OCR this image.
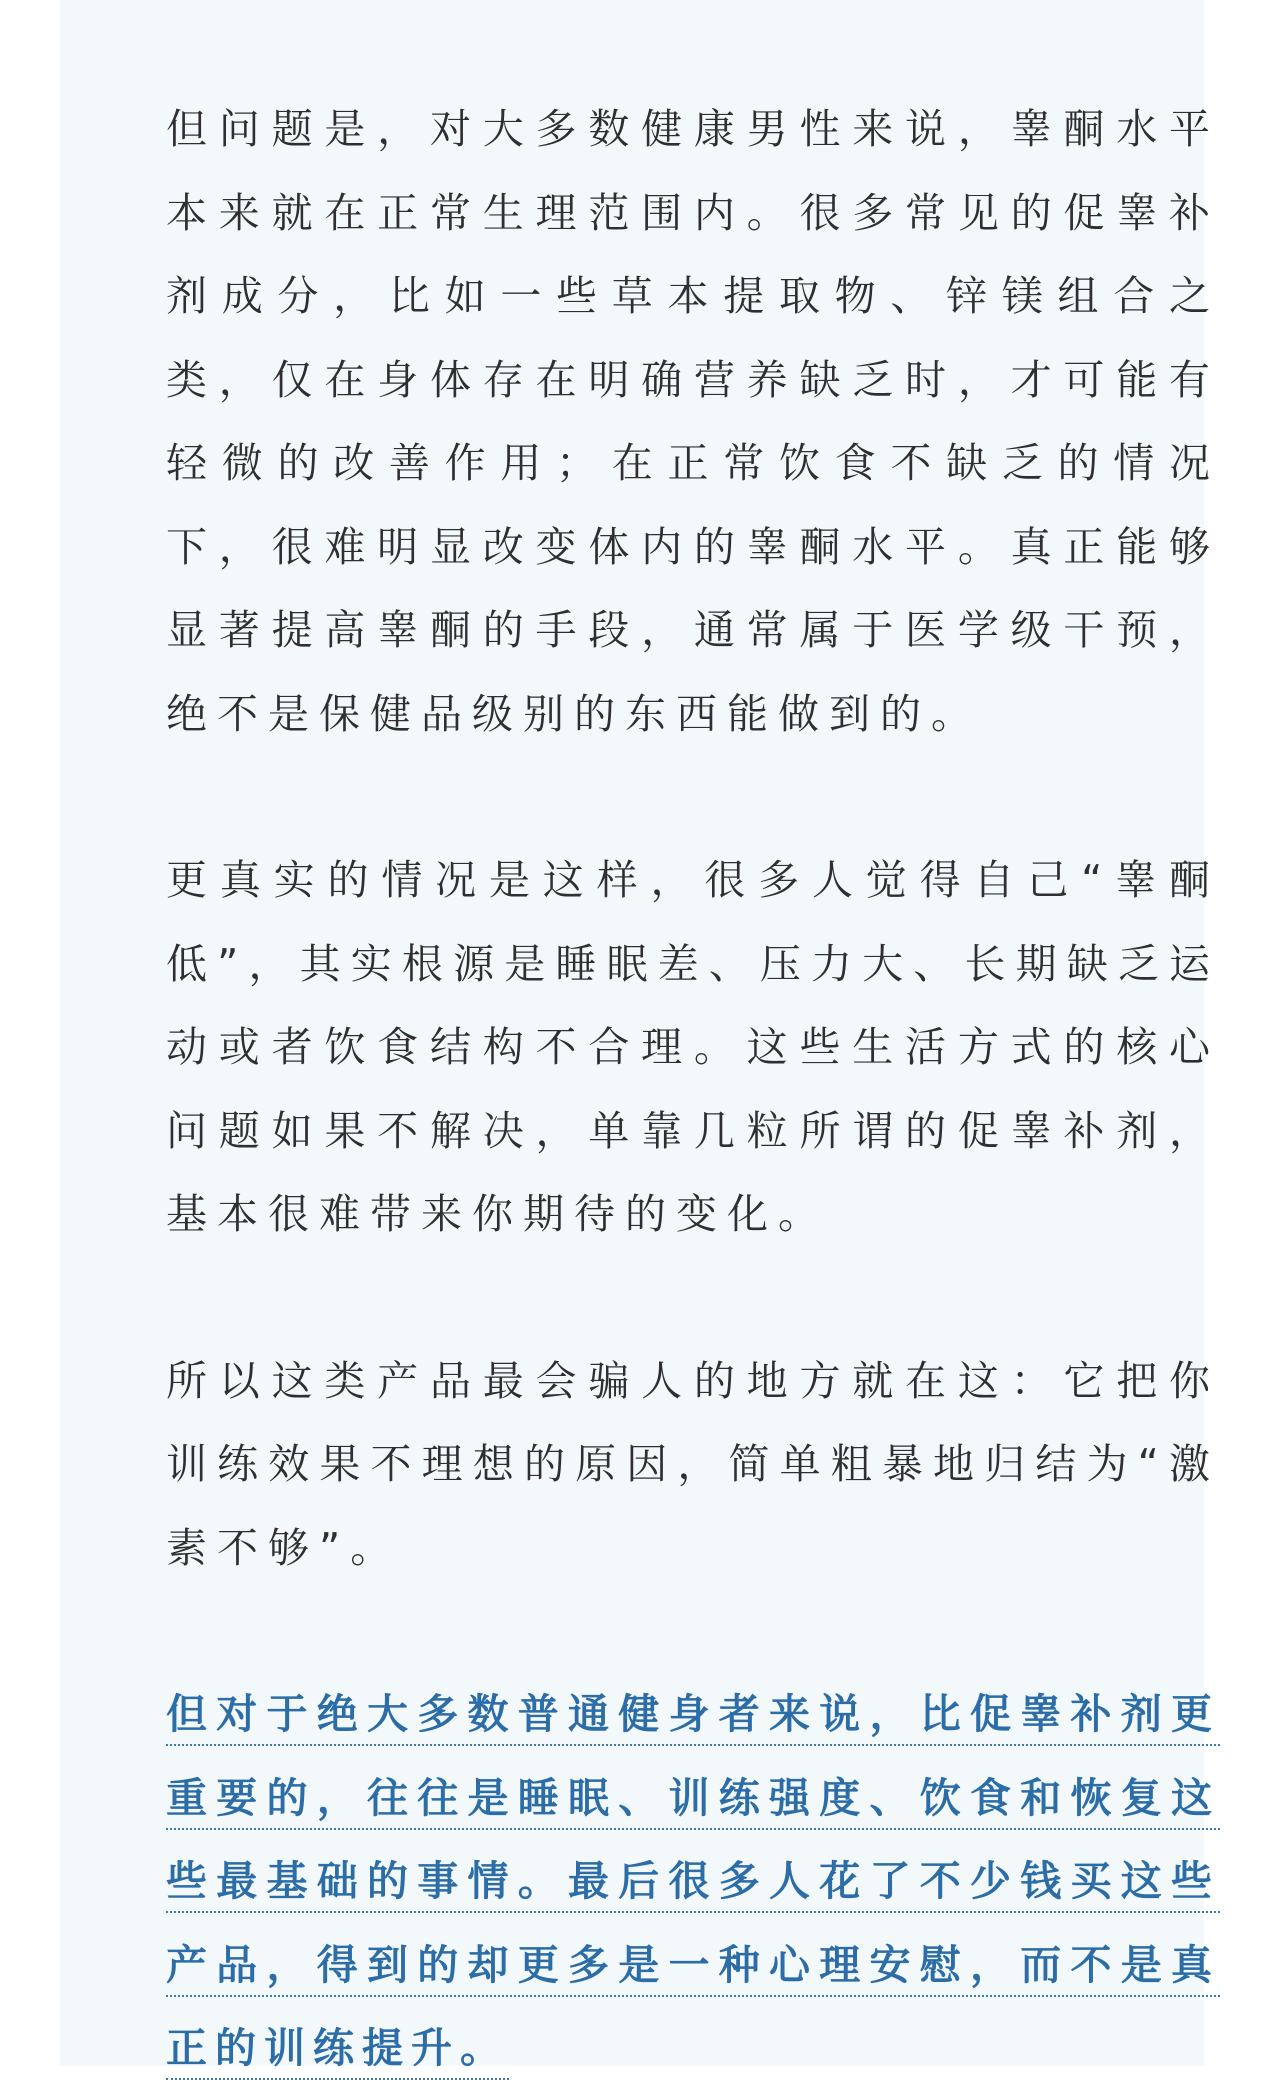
但问题是，对大多数健康男性来说，睾酮水平本来就在正常生理范围内。很多常见的促睾补剂成分，比如一些草本提取物、锌镁组合之类，仅在身体存在明确营养缺乏时，才可能有轻微的改善作用；在正常饮食不缺乏的情况下，很难明显改变体内的睾酮水平。真正能够显著提高睾酮的手段，通常属于医学级干预，绝不是保健品级别的东西能做到的。

更真实的情况是这样，很多人觉得自己“睾酮低”，其实根源是睡眠差、压力大、长期缺乏运动或者饮食结构不合理。这些生活方式的核心问题如果不解决，单靠几粒所谓的促睾补剂，基本很难带来你期待的变化。

所以这类产品最会骗人的地方就在这：它把你训练效果不理想的原因，简单粗暴地归结为“激素不够”。

但对于绝大多数普通健身者来说，比促睾补剂更重要的，往往是睡眠、训练强度、饮食和恢复这些最基础的事情。最后很多人花了不少钱买这些产品，得到的却更多是一种心理安慰，而不是真正的训练提升。
